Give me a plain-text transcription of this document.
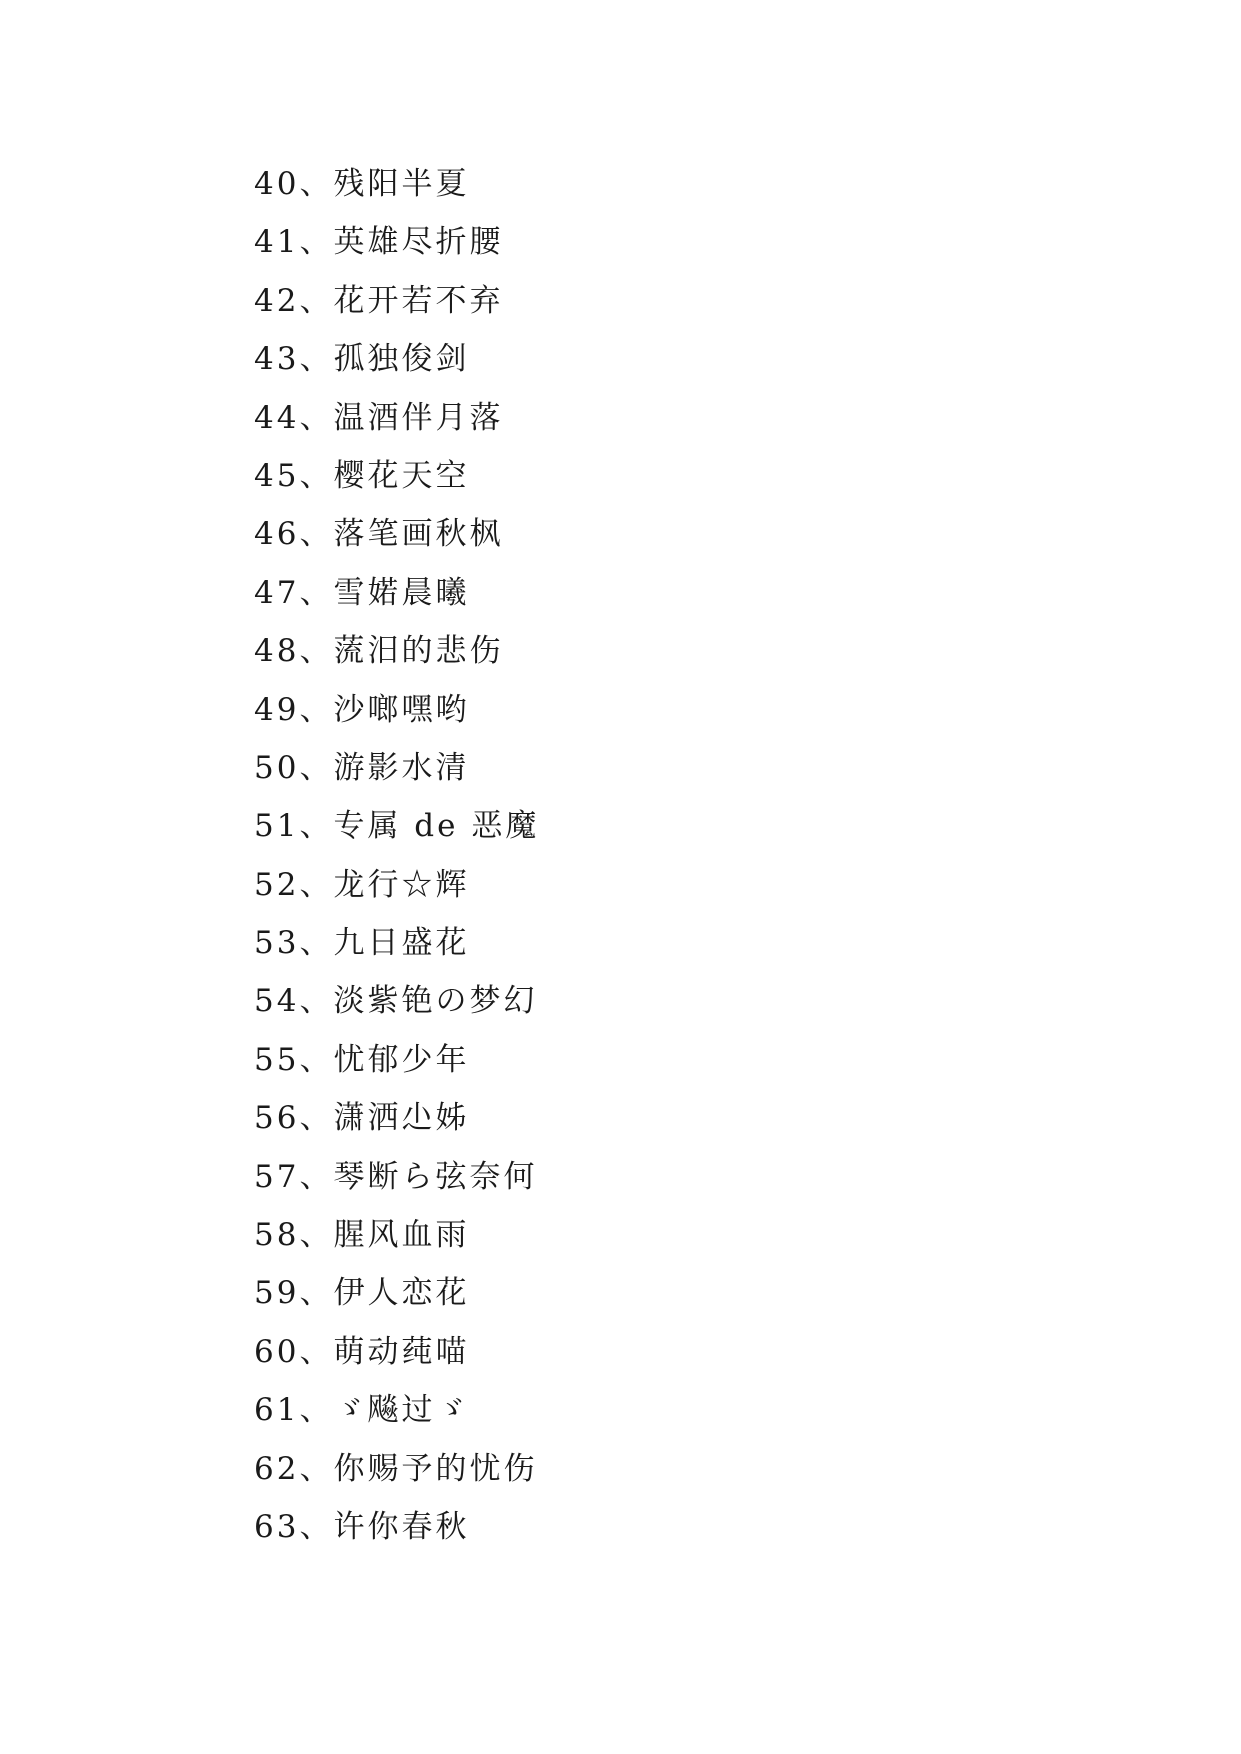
40、残阳半夏
41、英雄尽折腰
42、花开若不弃
43、孤独俊剑
44、温酒伴月落
45、樱花天空
46、落笔画秋枫
47、雪婼晨曦
48、蓅汨的悲伤
49、沙啷嘿哟
50、游影水清
51、专属 de 恶魔
52、龙行☆辉
53、九日盛花
54、淡紫铯の梦幻
55、忧郁少年
56、潇洒尐姊
57、琴断ら弦奈何
58、腥风血雨
59、伊人恋花
60、萌动莼喵
61、ゞ飚过ゞ
62、你赐予的忧伤
63、许你春秋
